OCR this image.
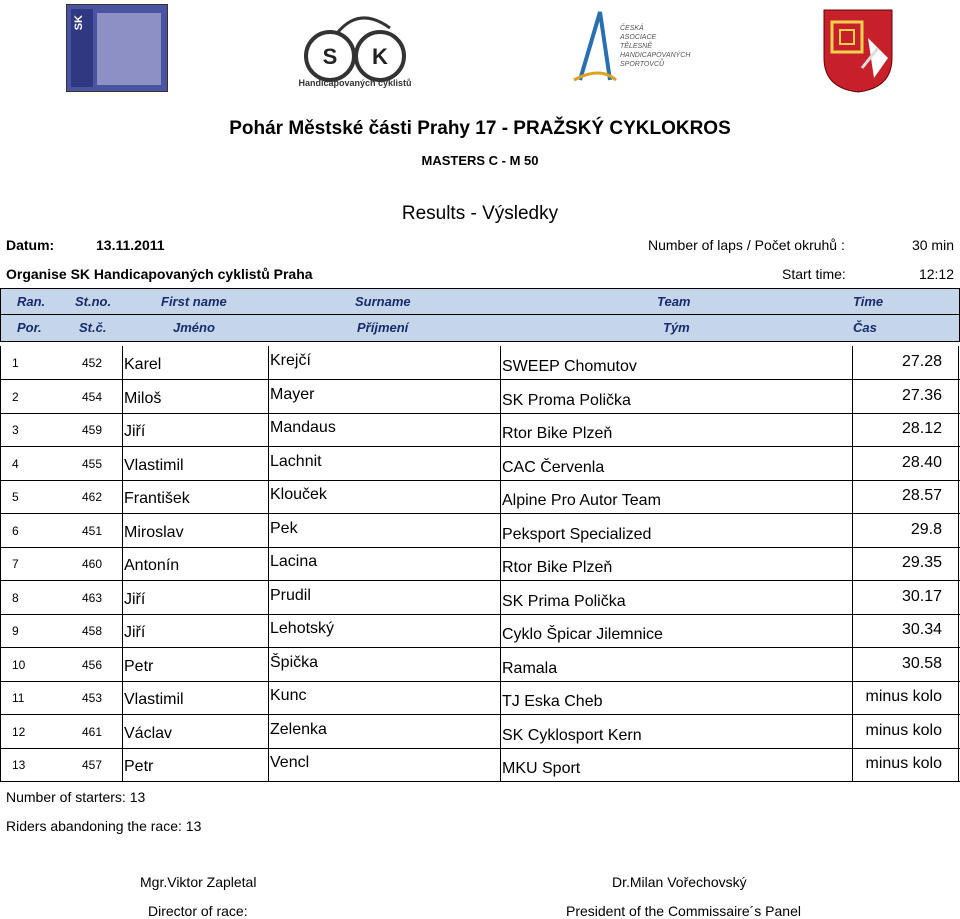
SK
S K
Praha
Handicapovaných cyklistů
ČESKÁ
ASOCIACE
TĚLESNĚ
HANDICAPOVANÝCH
SPORTOVCŮ
Pohár Městské části Prahy 17 - PRAŽSKÝ CYKLOKROS
MASTERS C - M 50
Results - Výsledky
Datum:	13.11.2011	Number of laps / Počet okruhů :	30 min
Organise SK Handicapovaných cyklistů Praha	Start time:	12:12
Ran. St.no.	First name	Surname	Team	Time
Por.	St.č.	Jméno	Příjmení	Tým	Čas
1	452 Karel	Krejčí	SWEEP Chomutov	27.28
2	454 Miloš	Mayer	SK Proma Polička	27.36
3	459 Jiří	Mandaus	Rtor Bike Plzeň	28.12
4	455 Vlastimil	Lachnit	CAC Červenla	28.40
5	462 František	Klouček	Alpine Pro Autor Team	28.57
6	451 Miroslav	Pek	Peksport Specialized	29.8
7	460 Antonín	Lacina	Rtor Bike Plzeň	29.35
8	463 Jiří	Prudil	SK Prima Polička	30.17
9	458 Jiří	Lehotský	Cyklo Špicar Jilemnice	30.34
10	456 Petr	Špička	Ramala	30.58
11	453 Vlastimil	Kunc	TJ Eska Cheb	minus kolo
12	461 Václav	Zelenka	SK Cyklosport Kern	minus kolo
13	457 Petr	Vencl	MKU Sport	minus kolo
Number of starters: 13
Riders abandoning the race: 13
Mgr.Viktor Zapletal
Director of race:
Dr.Milan Vořechovský
President of the Commissaire´s Panel
